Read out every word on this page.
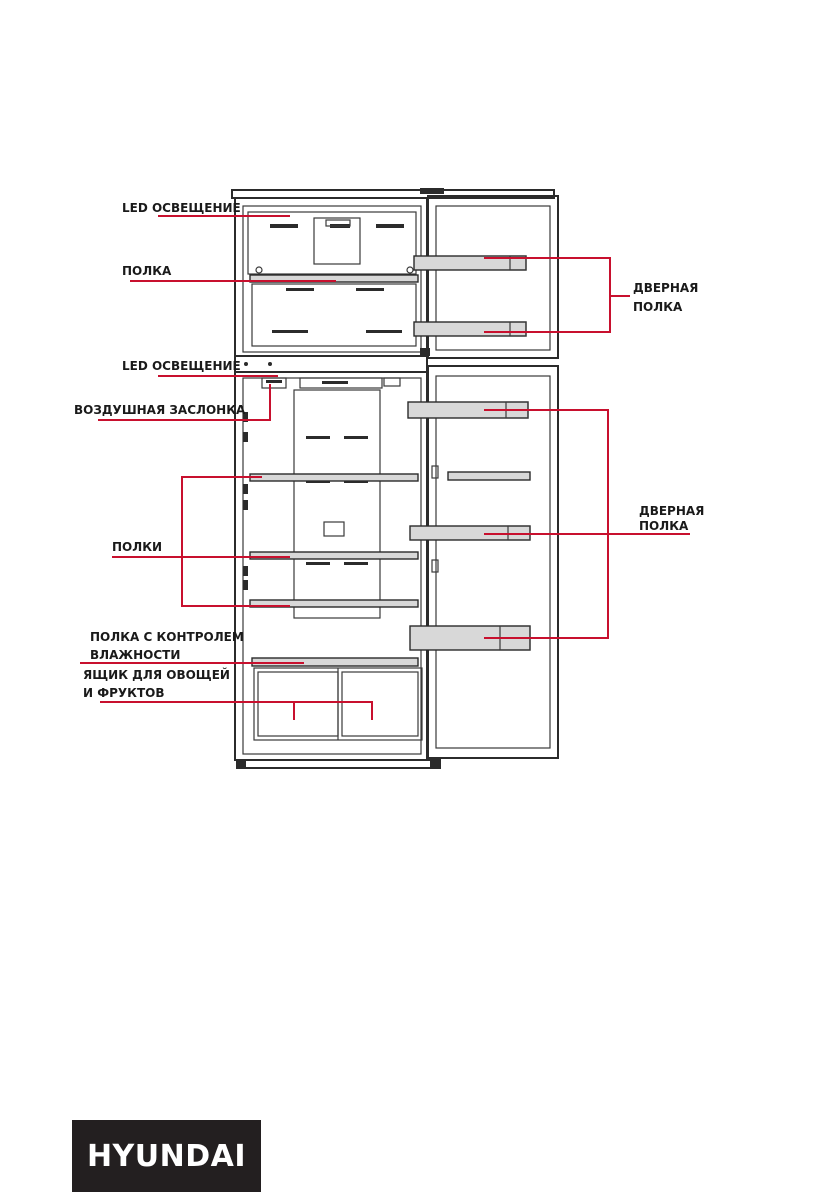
LED ОСВЕЩЕНИЕ
ПОЛКА
ДВЕРНАЯ
ПОЛКА
LED ОСВЕЩЕНИЕ
ВОЗДУШНАЯ ЗАСЛОНКА
ДВЕРНАЯ
ПОЛКА
ПОЛКИ
ПОЛКА С КОНТРОЛЕМ
ВЛАЖНОСТИ
ЯЩИК ДЛЯ ОВОЩЕЙ
И ФРУКТОВ
HYUNDAI
